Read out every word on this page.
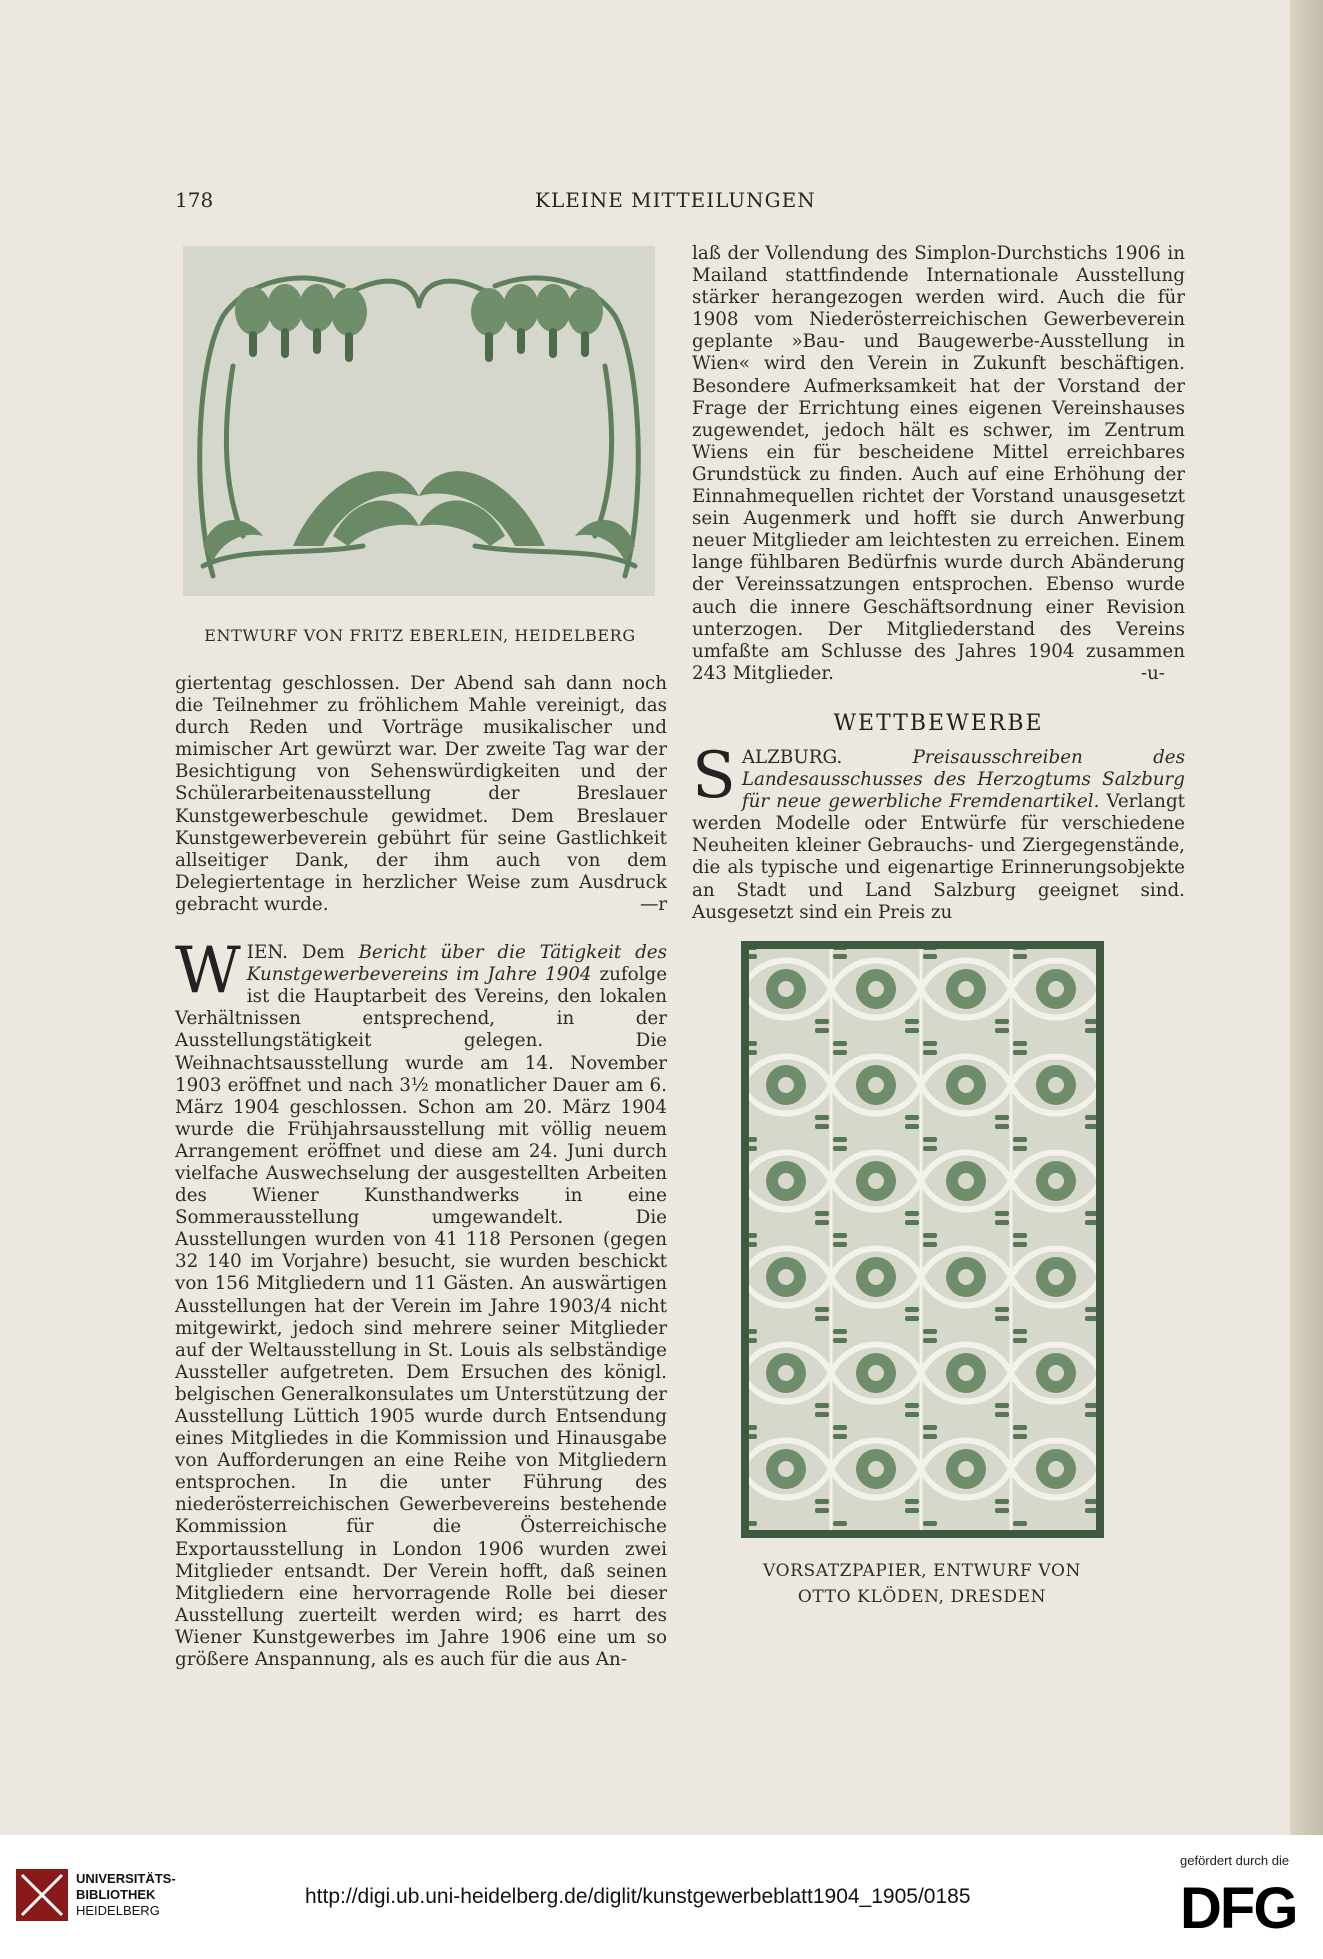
178	KLEINE MITTEILUNGEN
ENTWURF VON FRITZ EBERLEIN, HEIDELBERG

giertentag geschlossen. Der Abend sah dann noch die Teilnehmer zu fröhlichem Mahle vereinigt, das durch Reden und Vorträge musikalischer und mimischer Art gewürzt war. Der zweite Tag war der Besichtigung von Sehenswürdigkeiten und der Schülerarbeitenausstellung der Breslauer Kunstgewerbeschule gewidmet. Dem Breslauer Kunstgewerbeverein gebührt für seine Gastlichkeit allseitiger Dank, der ihm auch von dem Delegiertentage in herzlicher Weise zum Ausdruck gebracht wurde.	—r

W IEN. Dem Bericht über die Tätigkeit des Kunstgewerbevereins im Jahre 1904 zufolge ist die Hauptarbeit des Vereins, den lokalen Verhältnissen entsprechend, in der Ausstellungstätigkeit gelegen. Die Weihnachtsausstellung wurde am 14. November 1903 eröffnet und nach 3½ monatlicher Dauer am 6. März 1904 geschlossen. Schon am 20. März 1904 wurde die Frühjahrsausstellung mit völlig neuem Arrangement eröffnet und diese am 24. Juni durch vielfache Auswechselung der ausgestellten Arbeiten des Wiener Kunsthandwerks in eine Sommerausstellung umgewandelt. Die Ausstellungen wurden von 41 118 Personen (gegen 32 140 im Vorjahre) besucht, sie wurden beschickt von 156 Mitgliedern und 11 Gästen. An auswärtigen Ausstellungen hat der Verein im Jahre 1903/4 nicht mitgewirkt, jedoch sind mehrere seiner Mitglieder auf der Weltausstellung in St. Louis als selbständige Aussteller aufgetreten. Dem Ersuchen des königl. belgischen Generalkonsulates um Unterstützung der Ausstellung Lüttich 1905 wurde durch Entsendung eines Mitgliedes in die Kommission und Hinausgabe von Aufforderungen an eine Reihe von Mitgliedern entsprochen. In die unter Führung des niederösterreichischen Gewerbevereins bestehende Kommission für die Österreichische Exportausstellung in London 1906 wurden zwei Mitglieder entsandt. Der Verein hofft, daß seinen Mitgliedern eine hervorragende Rolle bei dieser Ausstellung zuerteilt werden wird; es harrt des Wiener Kunstgewerbes im Jahre 1906 eine um so größere Anspannung, als es auch für die aus An-

laß der Vollendung des Simplon-Durchstichs 1906 in Mailand stattfindende Internationale Ausstellung stärker herangezogen werden wird. Auch die für 1908 vom Niederösterreichischen Gewerbeverein geplante »Bau- und Baugewerbe-Ausstellung in Wien« wird den Verein in Zukunft beschäftigen. Besondere Aufmerksamkeit hat der Vorstand der Frage der Errichtung eines eigenen Vereinshauses zugewendet, jedoch hält es schwer, im Zentrum Wiens ein für bescheidene Mittel erreichbares Grundstück zu finden. Auch auf eine Erhöhung der Einnahmequellen richtet der Vorstand unausgesetzt sein Augenmerk und hofft sie durch Anwerbung neuer Mitglieder am leichtesten zu erreichen. Einem lange fühlbaren Bedürfnis wurde durch Abänderung der Vereinssatzungen entsprochen. Ebenso wurde auch die innere Geschäftsordnung einer Revision unterzogen. Der Mitgliederstand des Vereins umfaßte am Schlusse des Jahres 1904 zusammen 243 Mitglieder.	-u-

WETTBEWERBE
S ALZBURG.	Preisausschreiben des Landesausschusses des Herzogtums Salzburg für neue gewerbliche Fremdenartikel. Verlangt werden Modelle oder Entwürfe für verschiedene Neuheiten kleiner Gebrauchs- und Ziergegenstände, die als typische und eigenartige Erinnerungsobjekte an Stadt und Land Salzburg geeignet sind. Ausgesetzt sind ein Preis zu
VORSATZPAPIER, ENTWURF VON
OTTO KLÖDEN, DRESDEN
UNIVERSITÄTS-
BIBLIOTHEK
HEIDELBERG
http://digi.ub.uni-heidelberg.de/diglit/kunstgewerbeblatt1904_1905/0185
gefördert durch die
DFG
